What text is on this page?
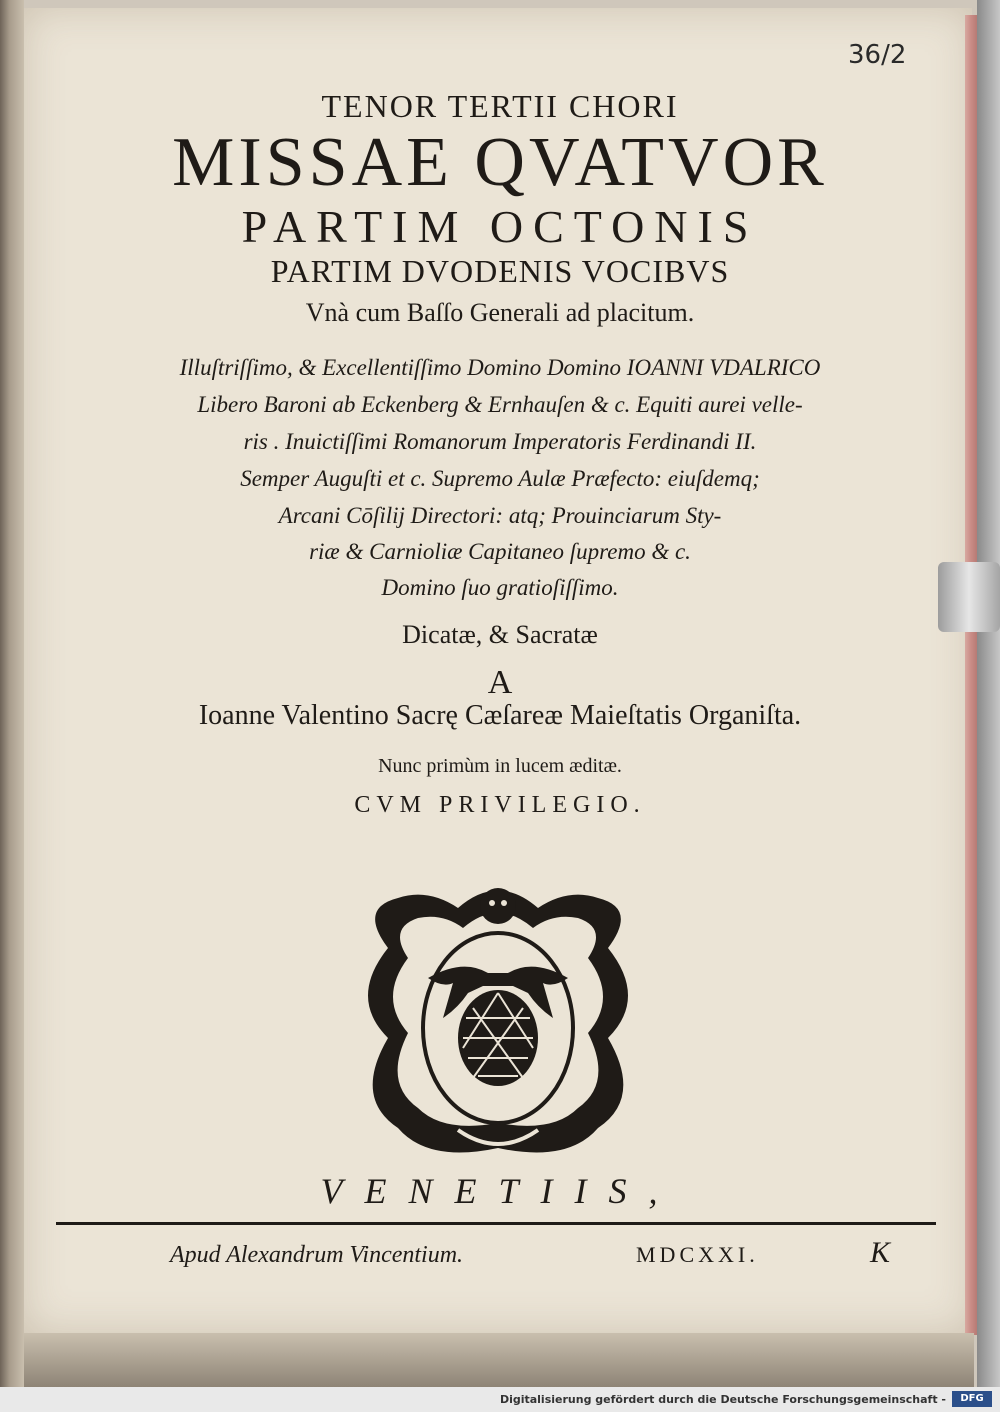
36/2
TENOR TERTII CHORI
MISSAE QVATVOR
PARTIM OCTONIS
PARTIM DVODENIS VOCIBVS
Vnà cum Baſſo Generali ad placitum.
Illuſtriſſimo, & Excellentiſſimo Domino Domino IOANNI VDALRICO
Libero Baroni ab Eckenberg & Ernhauſen & c. Equiti aurei velle-
ris . Inuictiſſimi Romanorum Imperatoris Ferdinandi II.
Semper Auguſti et c. Supremo Aulæ Præfecto: eiuſdemq;
Arcani Cōſilij Directori: atq; Prouinciarum Sty-
riæ & Carnioliæ Capitaneo ſupremo & c.
Domino ſuo gratioſiſſimo.
Dicatæ, & Sacratæ
A
Ioanne Valentino Sacrę Cæſareæ Maieſtatis Organiſta.
Nunc primùm in lucem æditæ.
CVM PRIVILEGIO.
VENETIIS,
Apud Alexandrum Vincentium.	MDCXXI.	K
Digitalisierung gefördert durch die Deutsche Forschungsgemeinschaft -	DFG
